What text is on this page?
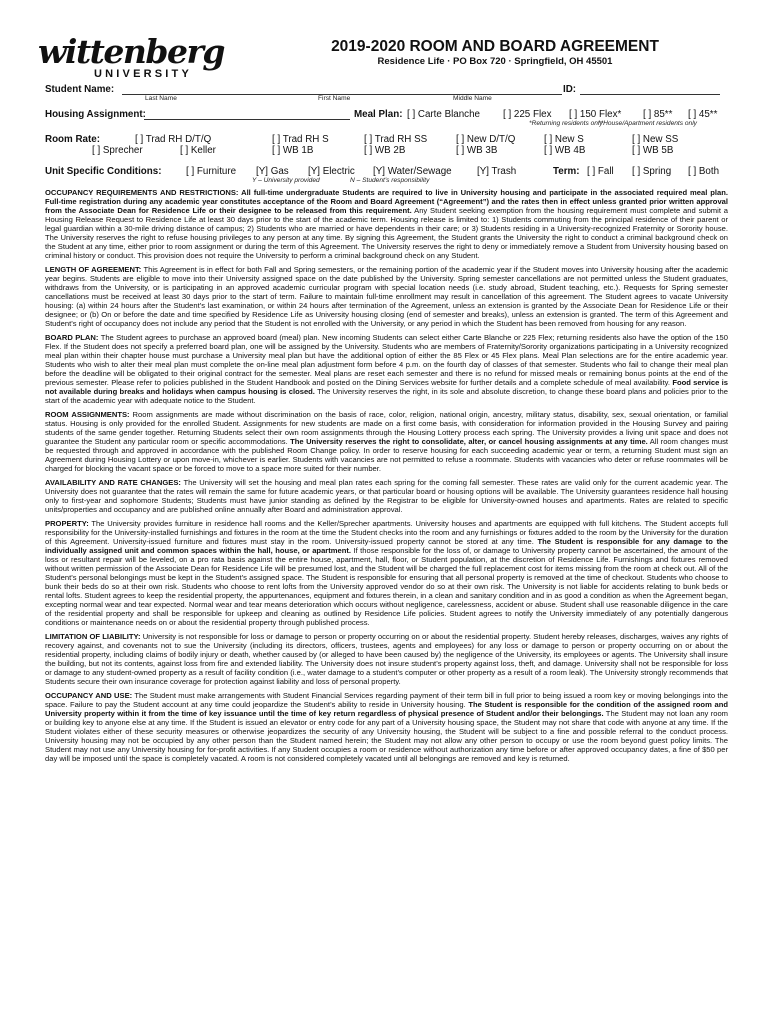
wittenberg
UNIVERSITY
2019-2020 ROOM AND BOARD AGREEMENT
Residence Life · PO Box 720 · Springfield, OH 45501
Student Name:	ID:
Last Name	First Name	Middle Name
Housing Assignment:	Meal Plan: [ ] Carte Blanche [ ] 225 Flex [ ] 150 Flex* [ ] 85** [ ] 45**
*Returning residents only
**House/Apartment residents only
Room Rate:	[ ] Trad RH D/T/Q	[ ] Trad RH S	[ ] Trad RH SS	[ ] New D/T/Q	[ ] New S	[ ] New SS
[ ] Sprecher	[ ] Keller	[ ] WB 1B	[ ] WB 2B	[ ] WB 3B	[ ] WB 4B	[ ] WB 5B
Unit Specific Conditions:	[ ] Furniture [Y] Gas [Y] Electric [Y] Water/Sewage	[Y] Trash
Y – University provided	N – Student’s responsibility
Term: [ ] Fall [ ] Spring [ ] Both

OCCUPANCY REQUIREMENTS AND RESTRICTIONS: All full-time undergraduate Students are required to live in University housing and participate in the associated required meal plan. Full-time registration during any academic year constitutes acceptance of the Room and Board Agreement (“Agreement”) and the rates then in effect unless granted prior written approval from the Associate Dean for Residence Life or their designee to be released from this requirement. Any Student seeking exemption from the housing requirement must complete and submit a Housing Release Request to Residence Life at least 30 days prior to the start of the academic term. Housing release is limited to: 1) Students commuting from the principal residence of their parent or legal guardian within a 30-mile driving distance of campus; 2) Students who are married or have dependents in their care; or 3) Students residing in a University-recognized Fraternity or Sorority house. The University reserves the right to refuse housing privileges to any person at any time. By signing this Agreement, the Student grants the University the right to conduct a criminal background check on the Student at any time, either prior to room assignment or during the term of this Agreement. The University reserves the right to deny or immediately remove a Student from University housing based on criminal history or conduct. This provision does not require the University to perform a criminal background check on any Student.

LENGTH OF AGREEMENT: This Agreement is in effect for both Fall and Spring semesters, or the remaining portion of the academic year if the Student moves into University housing after the academic year begins. Students are eligible to move into their University assigned space on the date published by the University. Spring semester cancellations are not permitted unless the Student graduates, withdraws from the University, or is participating in an approved academic curricular program with special location needs (i.e. study abroad, Student teaching, etc.). Requests for Spring semester cancellations must be received at least 30 days prior to the start of term. Failure to maintain full-time enrollment may result in cancellation of this agreement. The Student agrees to vacate University housing: (a) within 24 hours after the Student’s last examination, or within 24 hours after termination of the Agreement, unless an extension is granted by the Associate Dean for Residence Life or their designee; or (b) On or before the date and time specified by Residence Life as University housing closing (end of semester and breaks), unless an extension is granted. The term of this Agreement and Student’s right of occupancy does not include any period that the Student is not enrolled with the University, or any period in which the Student has been removed from housing for any reason.

BOARD PLAN: The Student agrees to purchase an approved board (meal) plan. New incoming Students can select either Carte Blanche or 225 Flex; returning residents also have the option of the 150 Flex. If the Student does not specify a preferred board plan, one will be assigned by the University. Students who are members of Fraternity/Sorority organizations participating in a University recognized meal plan within their chapter house must purchase a University meal plan but have the additional option of either the 85 Flex or 45 Flex plans. Meal Plan selections are for the entire academic year. Students who wish to alter their meal plan must complete the on-line meal plan adjustment form before 4 p.m. on the fourth day of classes of that semester. Students who fail to change their meal plan before the deadline will be obligated to their original contract for the semester. Meal plans are reset each semester and there is no refund for missed meals or remaining bonus points at the end of the previous semester. Please refer to policies published in the Student Handbook and posted on the Dining Services website for further details and a complete schedule of meal availability. Food service is not available during breaks and holidays when campus housing is closed. The University reserves the right, in its sole and absolute discretion, to change these board plans and policies prior to the start of the academic year with adequate notice to the Student.

ROOM ASSIGNMENTS: Room assignments are made without discrimination on the basis of race, color, religion, national origin, ancestry, military status, disability, sex, sexual orientation, or familial status. Housing is only provided for the enrolled Student. Assignments for new students are made on a first come basis, with consideration for information provided in the Housing Survey and pairing students of the same gender together. Returning Students select their own room assignments through the Housing Lottery process each spring. The University provides a living unit space and does not guarantee the Student any particular room or specific accommodations. The University reserves the right to consolidate, alter, or cancel housing assignments at any time. All room changes must be requested through and approved in accordance with the published Room Change policy. In order to reserve housing for each succeeding academic year or term, a returning Student must sign an Agreement during Housing Lottery or upon move-in, whichever is earlier. Students with vacancies are not permitted to refuse a roommate. Students with vacancies who deter or refuse roommates will be charged for blocking the vacant space or be forced to move to a space more suited for their number.

AVAILABILITY AND RATE CHANGES: The University will set the housing and meal plan rates each spring for the coming fall semester. These rates are valid only for the current academic year. The University does not guarantee that the rates will remain the same for future academic years, or that particular board or housing options will be available. The University guarantees residence hall housing only to first-year and sophomore Students; Students must have junior standing as defined by the Registrar to be eligible for University-owned houses and apartments. Rates are related to specific units/properties and occupancy and are published online annually after Board and administration approval.

PROPERTY: The University provides furniture in residence hall rooms and the Keller/Sprecher apartments. University houses and apartments are equipped with full kitchens. The Student accepts full responsibility for the University-installed furnishings and fixtures in the room at the time the Student checks into the room and any furnishings or fixtures added to the room by the University for the duration of this Agreement. University-issued furniture and fixtures must stay in the room. University-issued property cannot be stored at any time. The Student is responsible for any damage to the individually assigned unit and common spaces within the hall, house, or apartment. If those responsible for the loss of, or damage to University property cannot be ascertained, the amount of the loss or resultant repair will be leveled, on a pro rata basis against the entire house, apartment, hall, floor, or Student population, at the discretion of Residence Life. Furnishings and fixtures removed without written permission of the Associate Dean for Residence Life will be presumed lost, and the Student will be charged the full replacement cost for items missing from the room at check out. All of the Student’s personal belongings must be kept in the Student’s assigned space. The Student is responsible for ensuring that all personal property is removed at the time of checkout. Students who choose to bunk their beds do so at their own risk. Students who choose to rent lofts from the University approved vendor do so at their own risk. The University is not liable for accidents relating to bunk beds or rental lofts. Student agrees to keep the residential property, the appurtenances, equipment and fixtures therein, in a clean and sanitary condition and in as good a condition as when the Agreement began, excepting normal wear and tear expected. Normal wear and tear means deterioration which occurs without negligence, carelessness, accident or abuse. Student shall use reasonable diligence in the care of the residential property and shall be responsible for upkeep and cleaning as outlined by Residence Life policies. Student agrees to notify the University immediately of any potentially dangerous conditions or maintenance needs on or about the residential property through published process.

LIMITATION OF LIABILITY: University is not responsible for loss or damage to person or property occurring on or about the residential property. Student hereby releases, discharges, waives any rights of recovery against, and covenants not to sue the University (including its directors, officers, trustees, agents and employees) for any loss or damage to person or property occurring on or about the residential property, including claims of bodily injury or death, whether caused by (or alleged to have been caused by) the negligence of the University, its employees or agents. The University shall insure the building, but not its contents, against loss from fire and extended liability. The University does not insure student’s property against loss, theft, and damage. University shall not be responsible for loss or damage to any student-owned property as a result of facility condition (i.e., water damage to a student’s computer or other property as a result of a room leak). The University strongly recommends that Students secure their own insurance coverage for protection against liability and loss of personal property.

OCCUPANCY AND USE: The Student must make arrangements with Student Financial Services regarding payment of their term bill in full prior to being issued a room key or moving belongings into the space. Failure to pay the Student account at any time could jeopardize the Student’s ability to reside in University housing. The Student is responsible for the condition of the assigned room and University property within it from the time of key issuance until the time of key return regardless of physical presence of Student and/or their belongings. The Student may not loan any room or building key to anyone else at any time. If the Student is issued an elevator or entry code for any part of a University housing space, the Student may not share that code with anyone at any time. If the Student violates either of these security measures or otherwise jeopardizes the security of any University housing, the Student will be subject to a fine and possible referral to the conduct process. University housing may not be occupied by any other person than the Student named herein; the Student may not allow any other person to occupy or use the room beyond guest policy limits. The Student may not use any University housing for for-profit activities. If any Student occupies a room or residence without authorization any time before or after approved occupancy dates, a fine of $50 per day will be imposed until the space is completely vacated. A room is not considered completely vacated until all belongings are removed and key is returned.
